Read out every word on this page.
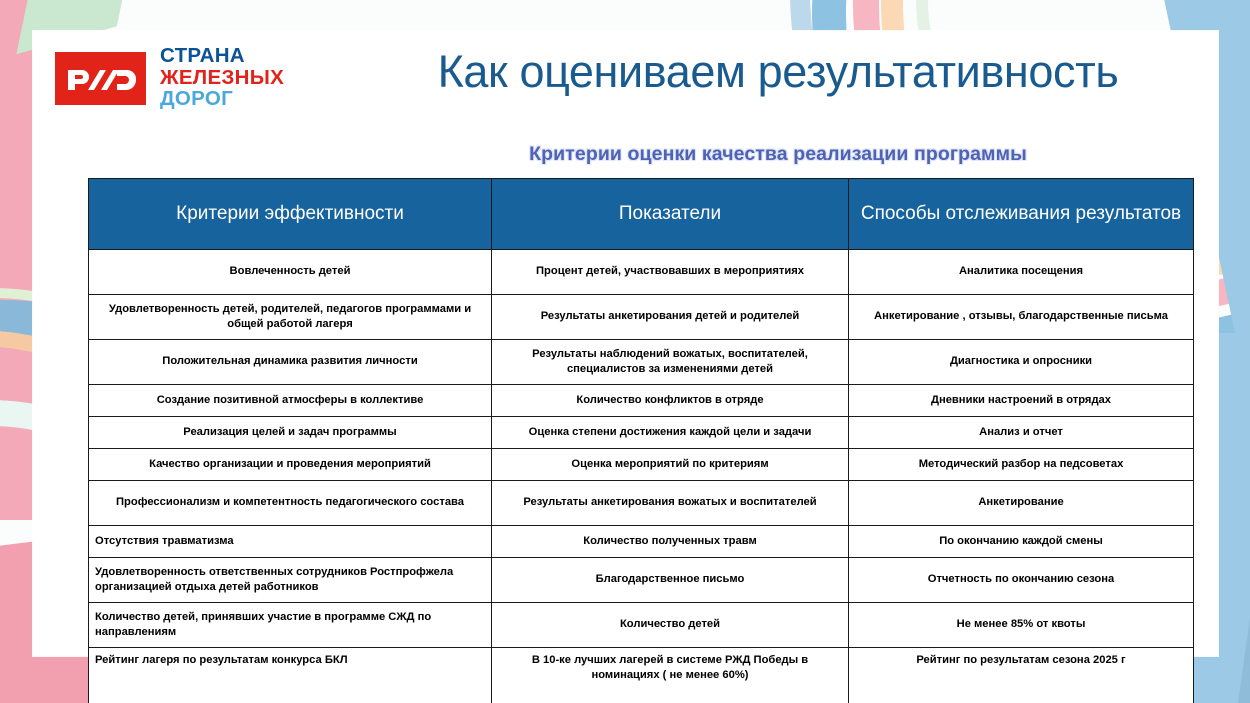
СТРАНА
ЖЕЛЕЗНЫХ
ДОРОГ
Как оцениваем результативность
Критерии оценки качества реализации программы
Критерии эффективности	Показатели	Способы отслеживания результатов
Вовлеченность детей	Процент детей, участвовавших в мероприятиях	Аналитика посещения
Удовлетворенность детей, родителей, педагогов программами и общей работой лагеря	Результаты анкетирования детей и родителей	Анкетирование , отзывы, благодарственные письма
Положительная динамика развития личности	Результаты наблюдений вожатых, воспитателей, специалистов за изменениями детей	Диагностика и опросники
Создание позитивной атмосферы в коллективе	Количество конфликтов в отряде	Дневники настроений в отрядах
Реализация целей и задач программы	Оценка степени достижения каждой цели и задачи	Анализ и отчет
Качество организации и проведения мероприятий	Оценка мероприятий по критериям	Методический разбор на педсоветах
Профессионализм и компетентность педагогического состава	Результаты анкетирования вожатых и воспитателей	Анкетирование
Отсутствия травматизма	Количество полученных травм	По окончанию каждой смены
Удовлетворенность ответственных сотрудников Ростпрофжела организацией отдыха детей работников	Благодарственное письмо	Отчетность по окончанию сезона
Количество детей, принявших участие в программе СЖД по направлениям	Количество детей	Не менее 85% от квоты
Рейтинг лагеря по результатам конкурса БКЛ	В 10-ке лучших лагерей в системе РЖД Победы в номинациях ( не менее 60%)	Рейтинг по результатам сезона 2025 г
